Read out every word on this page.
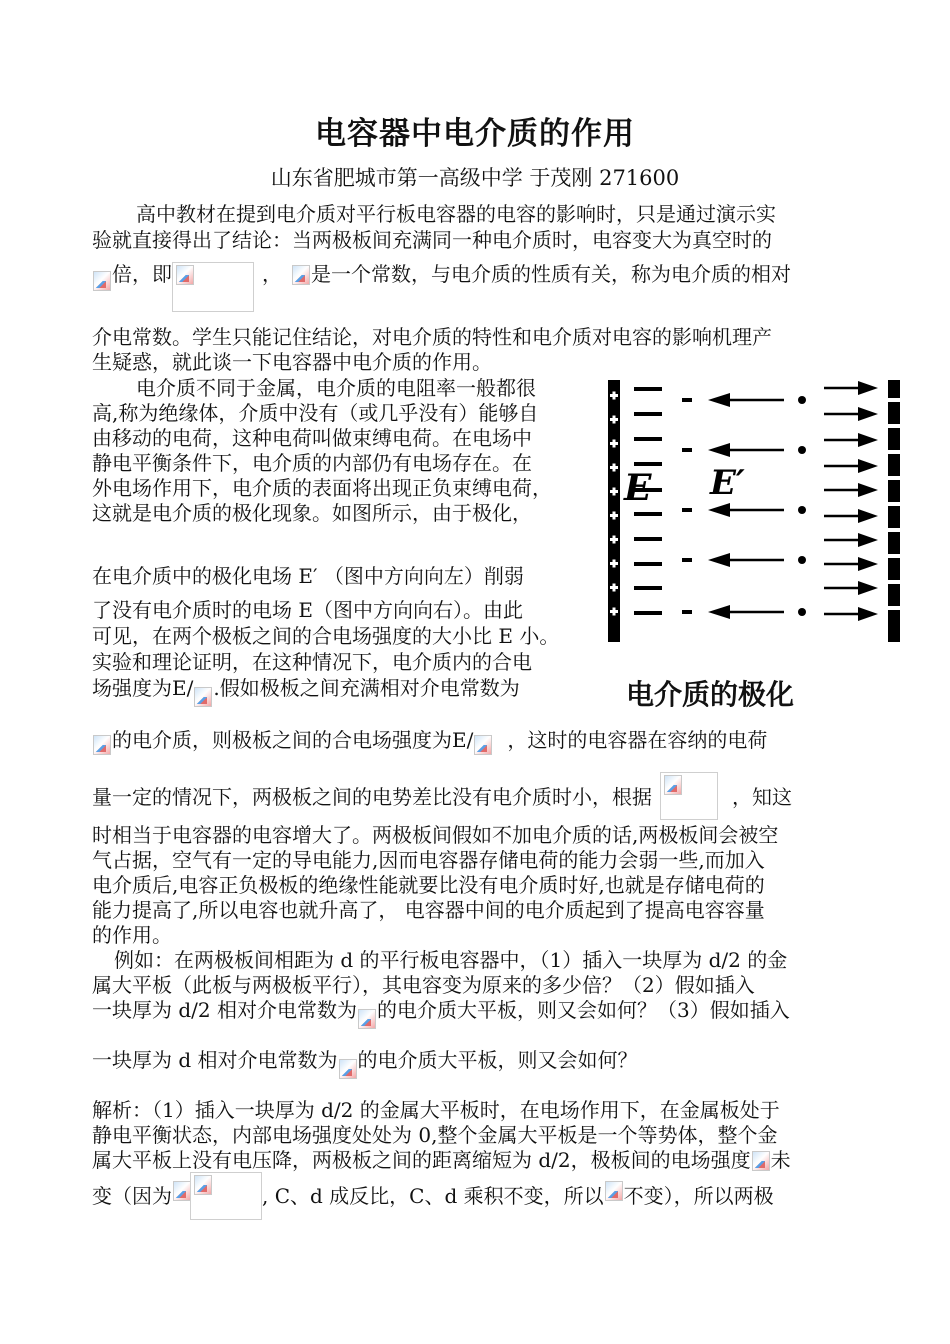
电容器中电介质的作用
山东省肥城市第一高级中学 于茂刚 271600
高中教材在提到电介质对平行板电容器的电容的影响时，只是通过演示实
验就直接得出了结论：当两极板间充满同一种电介质时，电容变大为真空时的
倍，即	， 是一个常数，与电介质的性质有关，称为电介质的相对
介电常数。学生只能记住结论，对电介质的特性和电介质对电容的影响机理产
生疑惑，就此谈一下电容器中电介质的作用。
电介质不同于金属，电介质的电阻率一般都很
高,称为绝缘体，介质中没有（或几乎没有）能够自
由移动的电荷，这种电荷叫做束缚电荷。在电场中
静电平衡条件下，电介质的内部仍有电场存在。在
外电场作用下，电介质的表面将出现正负束缚电荷，
这就是电介质的极化现象。如图所示，由于极化，
在电介质中的极化电场 E′ （图中方向向左）削弱
了没有电介质时的电场 E（图中方向向右）。由此
可见，在两个极板之间的合电场强度的大小比 E 小。
实验和理论证明，在这种情况下，电介质内的合电
场强度为E/ .假如极板之间充满相对介电常数为
的电介质，则极板之间的合电场强度为E/ ，这时的电容器在容纳的电荷
量一定的情况下，两极板之间的电势差比没有电介质时小，根据	，知这
时相当于电容器的电容增大了。两极板间假如不加电介质的话,两极板间会被空
气占据，空气有一定的导电能力,因而电容器存储电荷的能力会弱一些,而加入
电介质后,电容正负极板的绝缘性能就要比没有电介质时好,也就是存储电荷的
能力提高了,所以电容也就升高了， 电容器中间的电介质起到了提高电容容量
的作用。
例如：在两极板间相距为 d 的平行板电容器中，（1）插入一块厚为 d/2 的金
属大平板（此板与两极板平行），其电容变为原来的多少倍？（2）假如插入
一块厚为 d/2 相对介电常数为 的电介质大平板，则又会如何？（3）假如插入
一块厚为 d 相对介电常数为 的电介质大平板，则又会如何？
解析：（1）插入一块厚为 d/2 的金属大平板时，在电场作用下，在金属板处于
静电平衡状态，内部电场强度处处为 0,整个金属大平板是一个等势体，整个金
属大平板上没有电压降，两极板之间的距离缩短为 d/2，极板间的电场强度 未
变（因为	, C、d 成反比，C、d 乘积不变，所以 不变），所以两极
E E′
电介质的极化
